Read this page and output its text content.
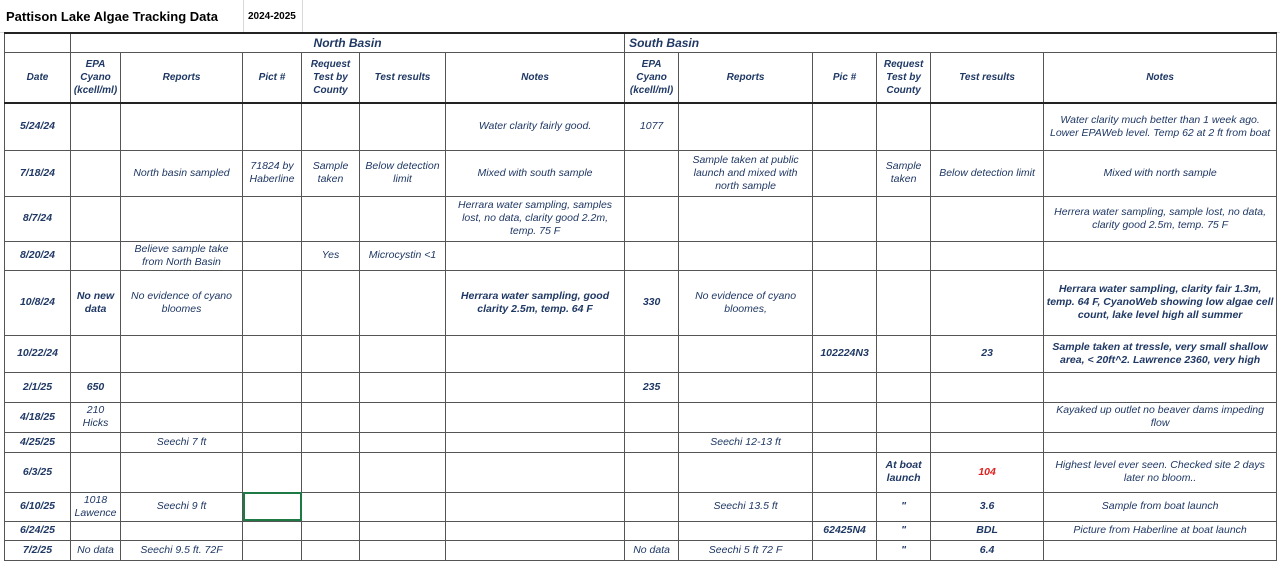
Pattison Lake Algae Tracking Data	2024-2025
	North Basin						South Basin					
Date	EPA Cyano (kcell/ml)	Reports	Pict #	Request Test by County	Test results	Notes	EPA Cyano (kcell/ml)	Reports	Pic #	Request Test by County	Test results	Notes
5/24/24						Water clarity fairly good.	1077					Water clarity much better than 1 week ago. Lower EPAWeb level. Temp 62 at 2 ft from boat
7/18/24		North basin sampled	71824 by Haberline	Sample taken	Below detection limit	Mixed with south sample		Sample taken at public launch and mixed with north sample		Sample taken	Below detection limit	Mixed with north sample
8/7/24						Herrara water sampling, samples lost, no data, clarity good 2.2m, temp. 75 F						Herrera water sampling, sample lost, no data, clarity good 2.5m, temp. 75 F
8/20/24		Believe sample take from North Basin		Yes	Microcystin <1							
10/8/24	No new data	No evidence of cyano bloomes				Herrara water sampling, good clarity 2.5m, temp. 64 F	330	No evidence of cyano bloomes,				Herrara water sampling, clarity fair 1.3m, temp. 64 F, CyanoWeb showing low algae cell count, lake level high all summer
10/22/24									102224N3		23	Sample taken at tressle, very small shallow area, < 20ft^2. Lawrence 2360, very high
2/1/25	650						235					
4/18/25	210 Hicks											Kayaked up outlet no beaver dams impeding flow
4/25/25		Seechi 7 ft						Seechi 12-13 ft				
6/3/25										At boat launch	104	Highest level ever seen. Checked site 2 days later no bloom..
6/10/25	1018 Lawence	Seechi 9 ft						Seechi 13.5 ft		"	3.6	Sample from boat launch
6/24/25									62425N4	"	BDL	Picture from Haberline at boat launch
7/2/25	No data	Seechi 9.5 ft. 72F					No data	Seechi 5 ft 72 F		"	6.4	
